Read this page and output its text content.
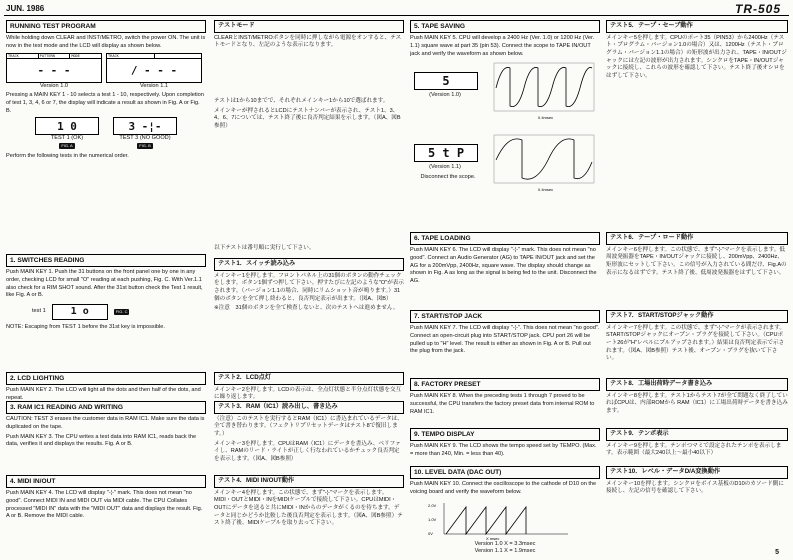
JUN. 1986	TR-505
RUNNING TEST PROGRAM

While holding down CLEAR and INST/METRO, switch the power ON. The unit is now in the test mode and the LCD will display as shown below.

TRACK	PATTERN	MODE
- - -
Version 1.0
TRACK
/ - - -
Version 1.1

Pressing a MAIN KEY 1 - 10 selects a test 1 - 10, respectively. Upon completion of test 1, 3, 4, 6 or 7, the display will indicate a result as shown in Fig. A or Fig. B.

1 0
TEST 1 (OK)
FIG. A
3 -¦-
TEST 3 (NO GOOD)
FIG. B

Perform the following tests in the numerical order.

1. SWITCHES READING

Push MAIN KEY 1. Push the 31 buttons on the front panel one by one in any order, checking LCD for small "O" reading at each pushing, Fig. C. With Ver.1.1 also check for a RIM SHOT sound. After the 31st button check the Test 1 result, like Fig. A or B.

test 1	1 o	FIG. C

NOTE: Escaping from TEST 1 before the 31st key is impossible.

2. LCD LIGHTING

Push MAIN KEY 2. The LCD will light all the dots and then half of the dots, and repeat.

3. RAM IC1 READING AND WRITING

CAUTION: TEST 3 erases the customer data in RAM IC1. Make sure the data is duplicated on the tape.

Push MAIN KEY 3. The CPU writes a test data into RAM IC1, reads back the data, verifies it and displays the results. Fig. A or B.

4. MIDI IN/OUT

Push MAIN KEY 4. The LCD will display "-¦-" mark. This does not mean "no good". Connect MIDI IN and MIDI OUT via MIDI cable. The CPU Collates processed "MIDI IN" data with the "MIDI OUT" data and displays the result. Fig. A or B. Remove the MIDI cable.

テストモード

CLEARとINST/METROボタンを同時に押しながら電源をオンすると、テストモードとなり、左記のような表示になります。

テストは1から10までで、それぞれメインキー1から10で選ばれます。

メインキーが押されるとLCDにテストナンバーが表示され、テスト1、3、4、6、7については、テスト終了後に良否判定結果を示します。（図A、図B参照）

以下テストは番号順に実行して下さい。

テスト1．スイッチ読み込み

メインキー1を押します。フロントパネル上の31個のボタンの動作チェックをします。ボタン1個ずつ押して下さい。押すたびに左記のような"O"が表示されます。（バージョン1.1の場合、同時にリムショット音が鳴ります。）31個のボタンを全て押し終わると、良否判定表示が出ます。（図A、図B）

※注意　31個のボタンを全て検査しないと、次のテストへは進めません。

テスト2．LCD点灯

メインキー2を押します。LCDの表示は、全点灯状態と半分点灯状態を交互に繰り返します。

テスト3．RAM（IC1）読み出し、書き込み

（注意）このテストを実行するとRAM（IC1）に書込まれているデータは、全て書き替わります。（フェクトリプリセットデータはテスト8で復旧します。）

メインキー3を押します。CPUはRAM（IC1）にデータを書込み、ベリファイし、RAMのリード・ライトが正しく行なわれているかチェック良否判定を表示します。（図A、図B参照）

テスト4．MIDI IN/OUT動作

メインキー4を押します。この状態で、まず"-¦-"マークを表示します。MIDI・OUTとMIDI・INをMIDIケーブルで接続して下さい。CPUはMIDI・OUTにデータを送ると共にMIDI・INからのデータがくるのを待ちます。データと同じかどうか比較した後良否判定を表示します。（図A、図B参照）テスト終了後、MIDIケーブルを取り去って下さい。

5. TAPE SAVING

Push MAIN KEY 5. CPU will develop a 2400 Hz (Ver. 1.0) or 1200 Hz (Ver. 1.1) square wave at part 35 (pin 53). Connect the scope to TAPE IN/OUT jack and verify the waveform as shown below.

5
(Version 1.0)
0.4msec
5 t P
(Version 1.1)
0.4msec
Disconnect the scope.
6. TAPE LOADING

Push MAIN KEY 6. The LCD will display "-¦-" mark. This does not mean "no good". Connect an Audio Generator (AG) to TAPE IN/OUT jack and set the AG for a 200mVpp, 2400Hz, square wave. The display should change as shown in Fig. A as long as the signal is being fed to the unit. Disconnect the AG.

7. START/STOP JACK

Push MAIN KEY 7. The LCD will display "-¦-". This does not mean "no good". Connect an open-circuit plug into START/STOP jack. CPU port 26 will be pulled up to "H" level. The result is either as shown in Fig. A or B. Pull out the plug from the jack.

8. FACTORY PRESET

Push MAIN KEY 8. When the preceding tests 1 through 7 proved to be successful, the CPU transfers the factory preset data from internal ROM to RAM IC1.

9. TEMPO DISPLAY

Push MAIN KEY 9. The LCD shows the tempo speed set by TEMPO. (Max. = more than 240, Min. = less than 40).

10. LEVEL DATA (DAC OUT)

Push MAIN KEY 10. Connect the oscilloscope to the cathode of D10 on the voicing board and verify the waveform below.

2.0V
1.0V
0V
X msec
Version 1.0 X = 3.3msec
Version 1.1 X = 1.9msec
テスト5．テープ・セーブ動作

メインキー5を押します。CPUのポート35（PIN53）から2400Hz（テスト・プログラム・バージョン1.0の場合）又は、1200Hz（テスト・プログラム・バージョン1.1の場合）の矩形波が出力され、TAPE・IN/OUTジャックには左記の波形が出力されます。シンクロをTAPE・IN/OUTジャックに接続し、これらの波形を確認して下さい。テスト終了後オシロをはずして下さい。

テスト6．テープ・ロード動作

メインキー6を押します。この状態で、まず"-¦-"マークを表示します。低周波発振器をTAPE・IN/OUTジャックに接続し、200mVpp、2400Hz、矩形波にセットして下さい。この信号が入力されている間だけ、Fig.Aの表示になるはずです。テスト終了後、低周波発振器をはずして下さい。

テスト7．START/STOPジャック動作

メインキー7を押します。この状態で、まず"-¦-"マークが表示されます。START/STOPジャックにオープン・プラグを接続して下さい。（CPUポート26が"H"レベルにプルアップされます。）結果は良否判定表示で示されます。（図A、図B参照）テスト後、オープン・プラグを抜いて下さい。

テスト8．工場出荷時データ書き込み

メインキー8を押します。テスト1からテスト7が全て問題なく終了していればCPUは、内部ROMから RAM（IC1）に工場出荷時データを書き込みます。

テスト9．テンポ表示

メインキー9を押します。テンポつマミで設定されたテンポを表示します。表示範囲（最大240以上～最小40以下）

テスト10．レベル・データD/A変換動作

メインキー10を押します。シンクロをボイス基板のD10のカソード側に接続し、左記の信号を確認して下さい。

5
